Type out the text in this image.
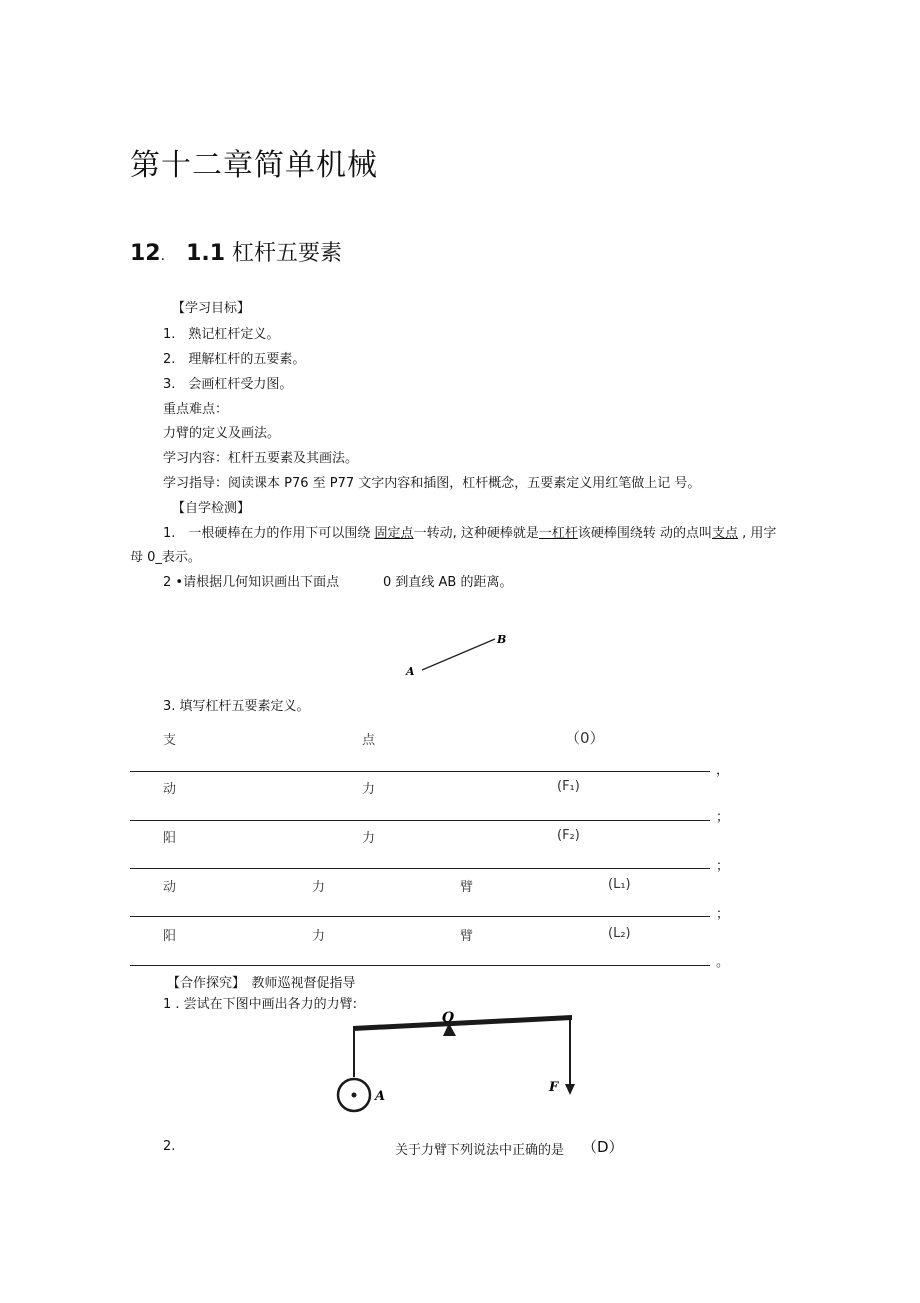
第十二章简单机械
12. 1.1 杠杆五要素
【学习目标】
1.　熟记杠杆定义。
2.　理解杠杆的五要素。
3.　会画杠杆受力图。
重点难点：
力臂的定义及画法。
学习内容：杠杆五要素及其画法。
学习指导：阅读课本 P76 至 P77 文字内容和插图，杠杆概念，五要素定义用红笔做上记 号。
【自学检测】
1.　一根硬棒在力的作用下可以围绕 固定点一转动, 这种硬棒就是一杠杆该硬棒围绕转 动的点叫支点 , 用字
母 0_表示。
2 •请根据几何知识画出下面点	0 到直线 AB 的距离。
A
B
3. 填写杠杆五要素定义。
支	点	（0）
，
动	力	(F₁)
；
阳	力	(F₂)
；
动	力	臂	(L₁)
；
阳	力	臂	(L₂)
。
【合作探究】　教师巡视督促指导
1 . 尝试在下图中画出各力的力臂:
O
A
F
2.	关于力臂下列说法中正确的是 （D）
